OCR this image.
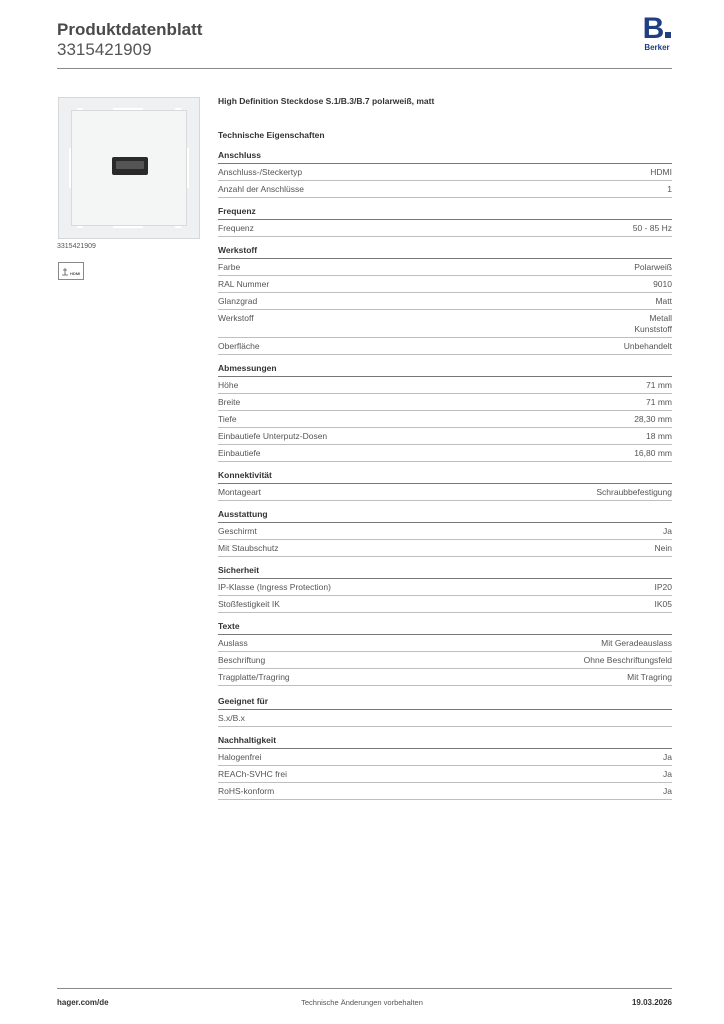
Produktdatenblatt
3315421909
B
Berker
3315421909
HDMI
High Definition Steckdose S.1/B.3/B.7 polarweiß, matt
Technische Eigenschaften
Anschluss
Anschluss-/Steckertyp	HDMI
Anzahl der Anschlüsse	1
Frequenz
Frequenz	50 - 85 Hz
Werkstoff
Farbe	Polarweiß
RAL Nummer	9010
Glanzgrad	Matt
Werkstoff	Metall
Kunststoff
Oberfläche	Unbehandelt
Abmessungen
Höhe	71 mm
Breite	71 mm
Tiefe	28,30 mm
Einbautiefe Unterputz-Dosen	18 mm
Einbautiefe	16,80 mm
Konnektivität
Montageart	Schraubbefestigung
Ausstattung
Geschirmt	Ja
Mit Staubschutz	Nein
Sicherheit
IP-Klasse (Ingress Protection)	IP20
Stoßfestigkeit IK	IK05
Texte
Auslass	Mit Geradeauslass
Beschriftung	Ohne Beschriftungsfeld
Tragplatte/Tragring	Mit Tragring
Geeignet für
S.x/B.x
Nachhaltigkeit
Halogenfrei	Ja
REACh-SVHC frei	Ja
RoHS-konform	Ja
hager.com/de	Technische Änderungen vorbehalten	19.03.2026
